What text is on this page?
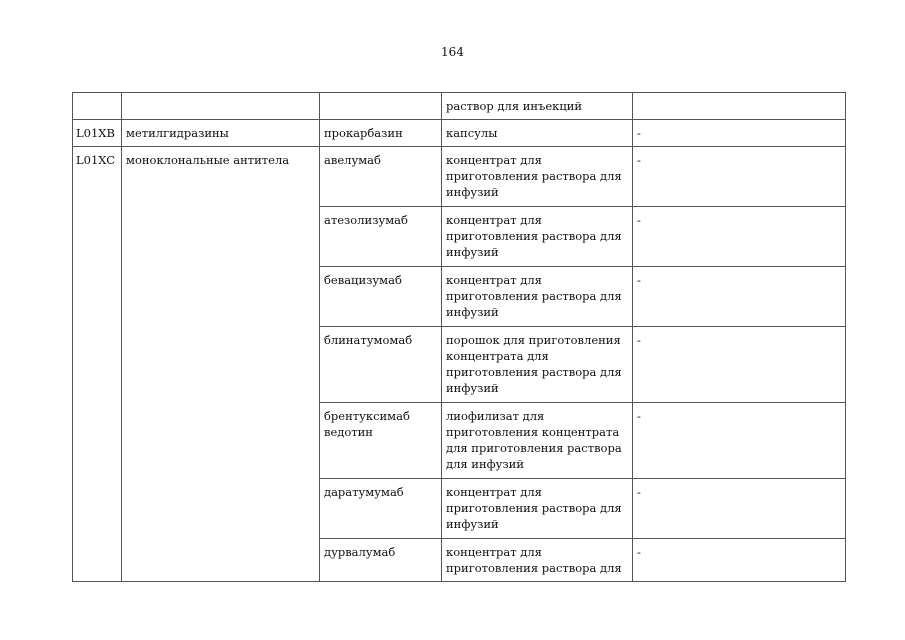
164
			раствор для инъекций	
L01XB	метилгидразины	прокарбазин	капсулы	-
L01XC	моноклональные антитела	авелумаб	концентрат для приготовления раствора для инфузий	-
		атезолизумаб	концентрат для приготовления раствора для инфузий	-
		бевацизумаб	концентрат для приготовления раствора для инфузий	-
		блинатумомаб	порошок для приготовления концентрата для приготовления раствора для инфузий	-
		брентуксимаб ведотин	лиофилизат для приготовления концентрата для приготовления раствора для инфузий	-
		даратумумаб	концентрат для приготовления раствора для инфузий	-
		дурвалумаб	концентрат для приготовления раствора для	-
